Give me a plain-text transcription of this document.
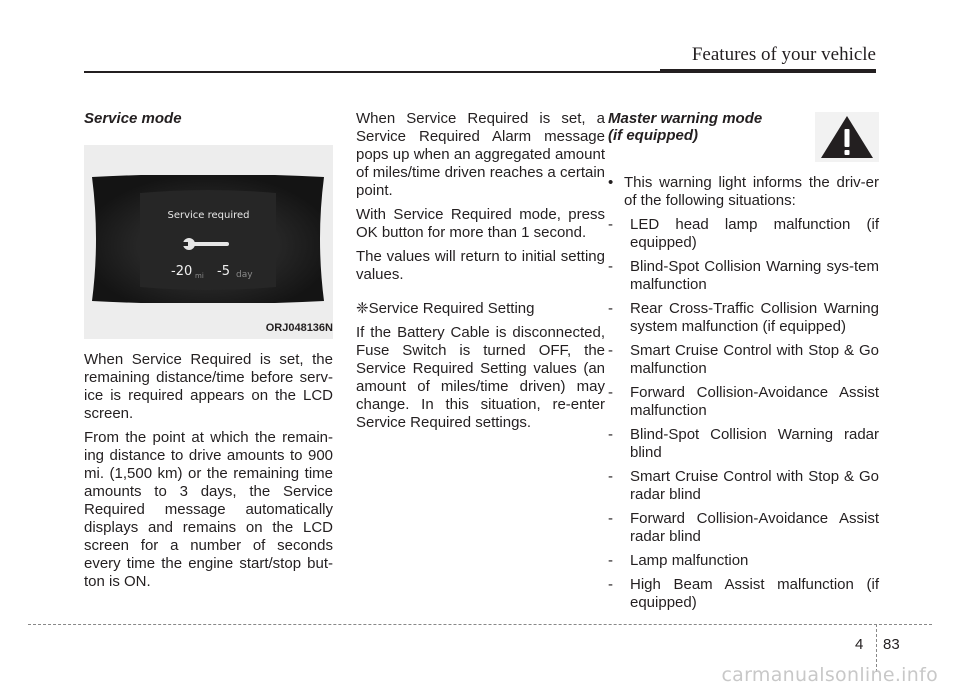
Features of your vehicle
Service mode
Service required
-20 mi -5 day
ORJ048136N

When Service Required is set, the remaining distance/time before serv-ice is required appears on the LCD screen.

From the point at which the remain-ing distance to drive amounts to 900 mi. (1,500 km) or the remaining time amounts to 3 days, the Service Required message automatically displays and remains on the LCD screen for a number of seconds every time the engine start/stop but-ton is ON.

When Service Required is set, a Service Required Alarm message pops up when an aggregated amount of miles/time driven reaches a certain point.

With Service Required mode, press OK button for more than 1 second.

The values will return to initial setting values.

❈Service Required Setting

If the Battery Cable is disconnected, Fuse Switch is turned OFF, the Service Required Setting values (an amount of miles/time driven) may change. In this situation, re-enter Service Required settings.

Master warning mode
(if equipped)
• This warning light informs the driv-er of the following situations:
-	LED head lamp malfunction (if equipped)
-	Blind-Spot Collision Warning sys-tem malfunction
-	Rear Cross-Traffic Collision Warning system malfunction (if equipped)
-	Smart Cruise Control with Stop & Go malfunction
-	Forward Collision-Avoidance Assist malfunction
-	Blind-Spot Collision Warning radar blind
-	Smart Cruise Control with Stop & Go radar blind
-	Forward Collision-Avoidance Assist radar blind
-	Lamp malfunction
-	High Beam Assist malfunction (if equipped)
4 83
carmanualsonline.info
